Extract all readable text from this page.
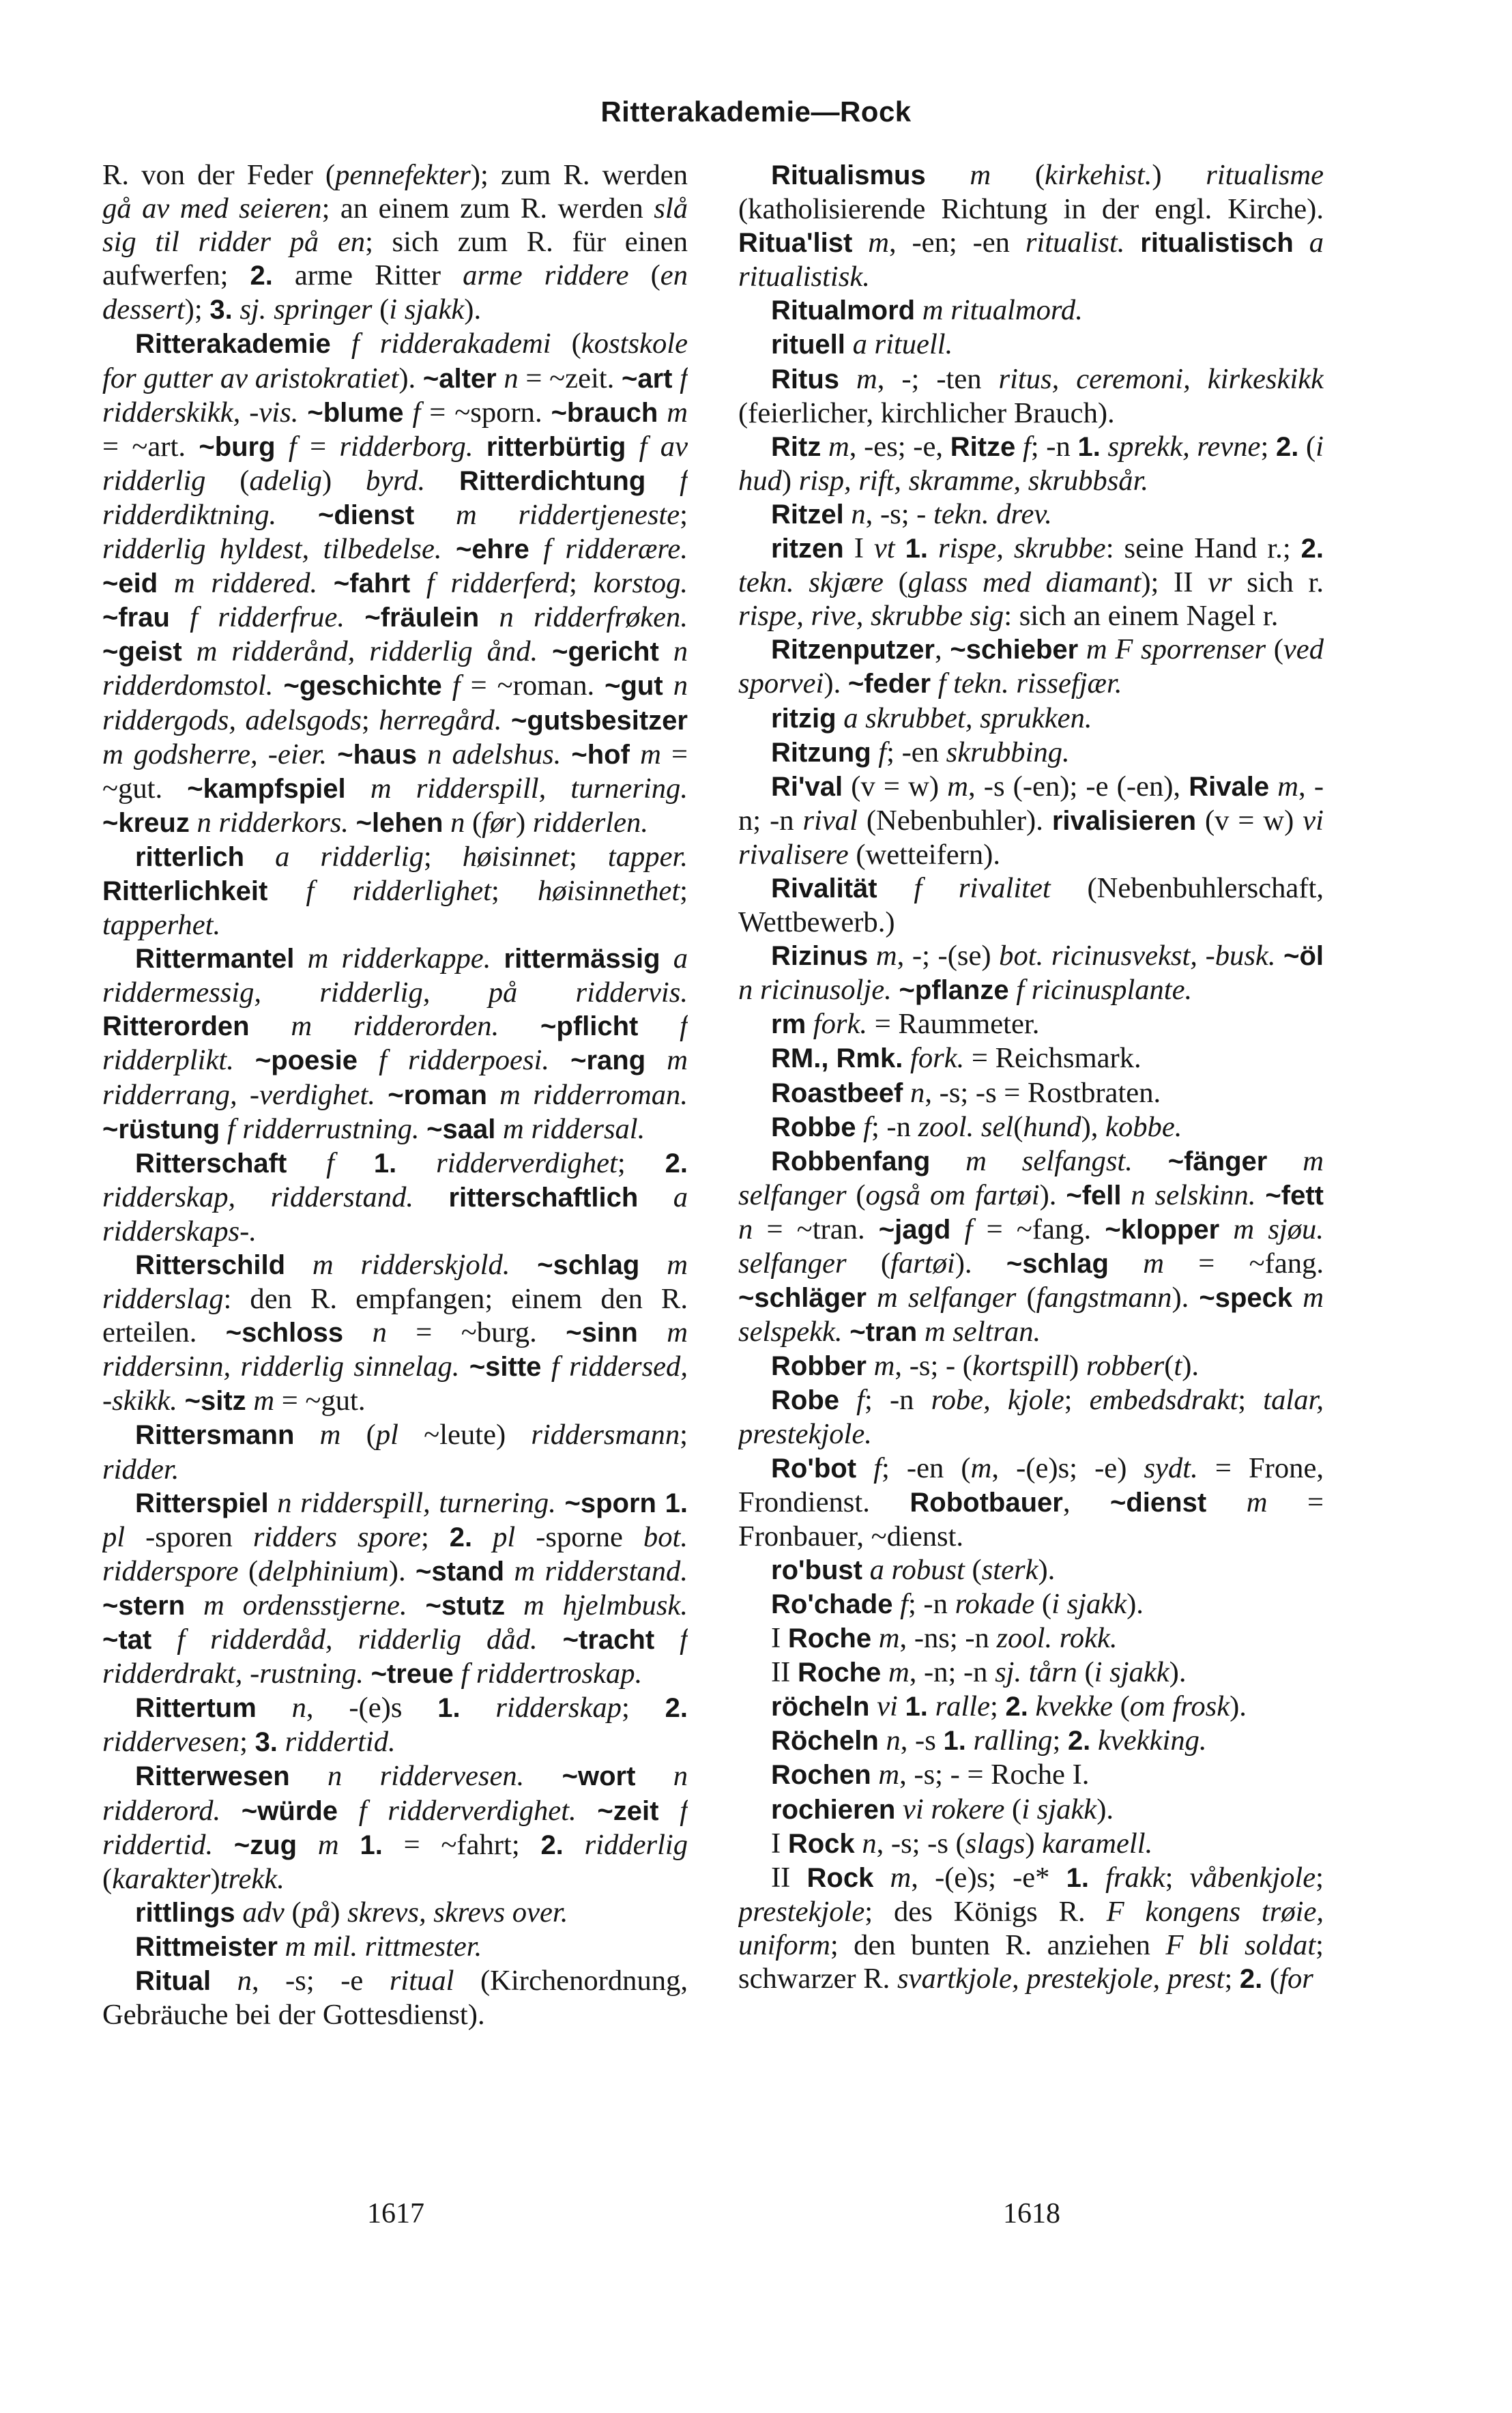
Ritterakademie—Rock

R. von der Feder (pennefekter); zum R. werden gå av med seieren; an einem zum R. werden slå sig til ridder på en; sich zum R. für einen aufwerfen; 2. arme Ritter arme riddere (en dessert); 3. sj. springer (i sjakk).

Ritterakademie f ridderakademi (kostskole for gutter av aristokratiet). ~alter n = ~zeit. ~art f ridderskikk, -vis. ~blume f = ~sporn. ~brauch m = ~art. ~burg f = ridderborg. ritterbürtig f av ridderlig (adelig) byrd. Ritterdichtung f ridderdiktning. ~dienst m riddertjeneste; ridderlig hyldest, tilbedelse. ~ehre f ridderære. ~eid m riddered. ~fahrt f ridderferd; korstog. ~frau f ridderfrue. ~fräulein n ridderfrøken. ~geist m ridderånd, ridderlig ånd. ~gericht n ridderdomstol. ~geschichte f = ~roman. ~gut n riddergods, adelsgods; herregård. ~gutsbesitzer m godsherre, -eier. ~haus n adelshus. ~hof m = ~gut. ~kampfspiel m ridderspill, turnering. ~kreuz n ridderkors. ~lehen n (før) ridderlen.

ritterlich a ridderlig; høisinnet; tapper. Ritterlichkeit f ridderlighet; høisinnethet; tapperhet.

Rittermantel m ridderkappe. rittermässig a riddermessig, ridderlig, på riddervis. Ritterorden m ridderorden. ~pflicht f ridderplikt. ~poesie f ridderpoesi. ~rang m ridderrang, -verdighet. ~roman m ridderroman. ~rüstung f ridderrustning. ~saal m riddersal.

Ritterschaft f 1. ridderverdighet; 2. ridderskap, ridderstand. ritterschaftlich a ridderskaps-.

Ritterschild m ridderskjold. ~schlag m ridderslag: den R. empfangen; einem den R. erteilen. ~schloss n = ~burg. ~sinn m riddersinn, ridderlig sinnelag. ~sitte f riddersed, -skikk. ~sitz m = ~gut.

Rittersmann m (pl ~leute) riddersmann; ridder.

Ritterspiel n ridderspill, turnering. ~sporn 1. pl -sporen ridders spore; 2. pl -sporne bot. ridderspore (delphinium). ~stand m ridderstand. ~stern m ordensstjerne. ~stutz m hjelmbusk. ~tat f ridderdåd, ridderlig dåd. ~tracht f ridderdrakt, -rustning. ~treue f riddertroskap.

Rittertum n, -(e)s 1. ridderskap; 2. riddervesen; 3. riddertid.

Ritterwesen n riddervesen. ~wort n ridderord. ~würde f ridderverdighet. ~zeit f riddertid. ~zug m 1. = ~fahrt; 2. ridderlig (karakter)trekk.

rittlings adv (på) skrevs, skrevs over.

Rittmeister m mil. rittmester.

Ritual n, -s; -e ritual (Kirchenordnung, Gebräuche bei der Gottesdienst).

Ritualismus m (kirkehist.) ritualisme (katholisierende Richtung in der engl. Kirche). Ritua'list m, -en; -en ritualist. ritualistisch a ritualistisk.

Ritualmord m ritualmord.

rituell a rituell.

Ritus m, -; -ten ritus, ceremoni, kirkeskikk (feierlicher, kirchlicher Brauch).

Ritz m, -es; -e, Ritze f; -n 1. sprekk, revne; 2. (i hud) risp, rift, skramme, skrubbsår.

Ritzel n, -s; - tekn. drev.

ritzen I vt 1. rispe, skrubbe: seine Hand r.; 2. tekn. skjære (glass med diamant); II vr sich r. rispe, rive, skrubbe sig: sich an einem Nagel r.

Ritzenputzer, ~schieber m F sporrenser (ved sporvei). ~feder f tekn. rissefjær.

ritzig a skrubbet, sprukken.

Ritzung f; -en skrubbing.

Ri'val (v = w) m, -s (-en); -e (-en), Rivale m, -n; -n rival (Nebenbuhler). rivalisieren (v = w) vi rivalisere (wetteifern).

Rivalität f rivalitet (Nebenbuhlerschaft, Wettbewerb.)

Rizinus m, -; -(se) bot. ricinusvekst, -busk. ~öl n ricinusolje. ~pflanze f ricinusplante.

rm fork. = Raummeter.

RM., Rmk. fork. = Reichsmark.

Roastbeef n, -s; -s = Rostbraten.

Robbe f; -n zool. sel(hund), kobbe.

Robbenfang m selfangst. ~fänger m selfanger (også om fartøi). ~fell n selskinn. ~fett n = ~tran. ~jagd f = ~fang. ~klopper m sjøu. selfanger (fartøi). ~schlag m = ~fang. ~schläger m selfanger (fangstmann). ~speck m selspekk. ~tran m seltran.

Robber m, -s; - (kortspill) robber(t).

Robe f; -n robe, kjole; embedsdrakt; talar, prestekjole.

Ro'bot f; -en (m, -(e)s; -e) sydt. = Frone, Frondienst. Robotbauer, ~dienst m = Fronbauer, ~dienst.

ro'bust a robust (sterk).

Ro'chade f; -n rokade (i sjakk).

I Roche m, -ns; -n zool. rokk.

II Roche m, -n; -n sj. tårn (i sjakk).

röcheln vi 1. ralle; 2. kvekke (om frosk).

Röcheln n, -s 1. ralling; 2. kvekking.

Rochen m, -s; - = Roche I.

rochieren vi rokere (i sjakk).

I Rock n, -s; -s (slags) karamell.

II Rock m, -(e)s; -e* 1. frakk; våbenkjole; prestekjole; des Königs R. F kongens trøie, uniform; den bunten R. anziehen F bli soldat; schwarzer R. svartkjole, prestekjole, prest; 2. (for

1617	1618
